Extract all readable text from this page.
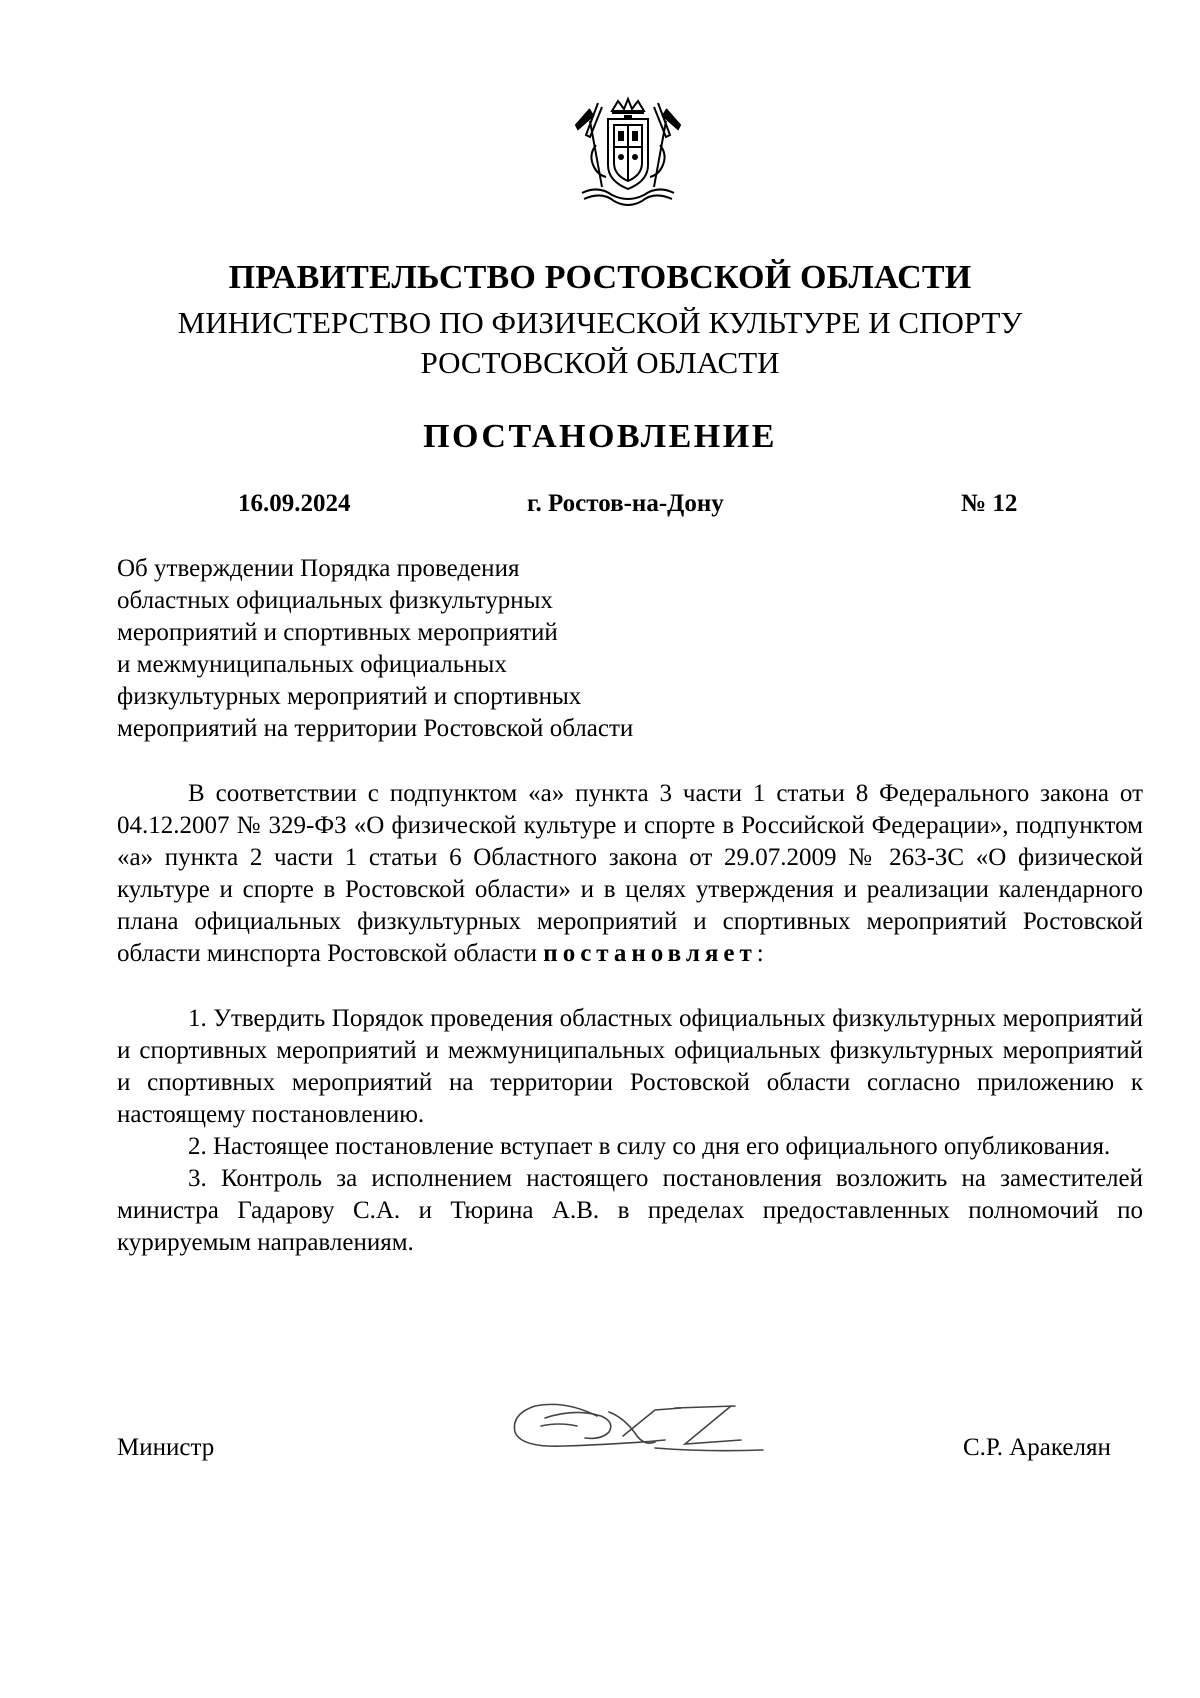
ПРАВИТЕЛЬСТВО РОСТОВСКОЙ ОБЛАСТИ
МИНИСТЕРСТВО ПО ФИЗИЧЕСКОЙ КУЛЬТУРЕ И СПОРТУ
РОСТОВСКОЙ ОБЛАСТИ
ПОСТАНОВЛЕНИЕ
16.09.2024	г. Ростов-на-Дону	№ 12
Об утверждении Порядка проведения
областных официальных физкультурных
мероприятий и спортивных мероприятий
и межмуниципальных официальных
физкультурных мероприятий и спортивных
мероприятий на территории Ростовской области

В соответствии с подпунктом «а» пункта 3 части 1 статьи 8 Федерального закона от 04.12.2007 № 329-ФЗ «О физической культуре и спорте в Российской Федерации», подпунктом «а» пункта 2 части 1 статьи 6 Областного закона от 29.07.2009 № 263-ЗС «О физической культуре и спорте в Ростовской области» и в целях утверждения и реализации календарного плана официальных физкультурных мероприятий и спортивных мероприятий Ростовской области минспорта Ростовской области постановляет:

1. Утвердить Порядок проведения областных официальных физкультурных мероприятий и спортивных мероприятий и межмуниципальных официальных физкультурных мероприятий и спортивных мероприятий на территории Ростовской области согласно приложению к настоящему постановлению.

2. Настоящее постановление вступает в силу со дня его официального опубликования.

3. Контроль за исполнением настоящего постановления возложить на заместителей министра Гадарову С.А. и Тюрина А.В. в пределах предоставленных полномочий по курируемым направлениям.

Министр	С.Р. Аракелян
